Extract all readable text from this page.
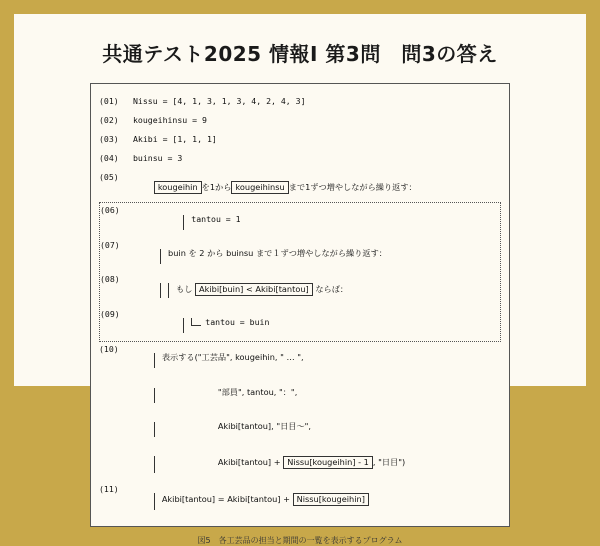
共通テスト2025 情報I 第3問　問3の答え
(01)	Nissu = [4, 1, 3, 1, 3, 4, 2, 4, 3]
(02)	kougeihinsu = 9
(03)	Akibi = [1, 1, 1]
(04)	buinsu = 3
(05)

kougeihin を1から kougeihinsu まで1ずつ増やしながら繰り返す：

(06)

tantou = 1

(07)

buin を 2 から buinsu まで１ずつ増やしながら繰り返す：

(08)

もし Akibi[buin] < Akibi[tantou] ならば：

(09)

tantou = buin

(10)

表示する("工芸品", kougeihin, " … ",

"部員", tantou, "：",

Akibi[tantou], "日目〜",

Akibi[tantou] + Nissu[kougeihin] - 1 , "日目")

(11)

Akibi[tantou] = Akibi[tantou] + Nissu[kougeihin]

図5　各工芸品の担当と期間の一覧を表示するプログラム
